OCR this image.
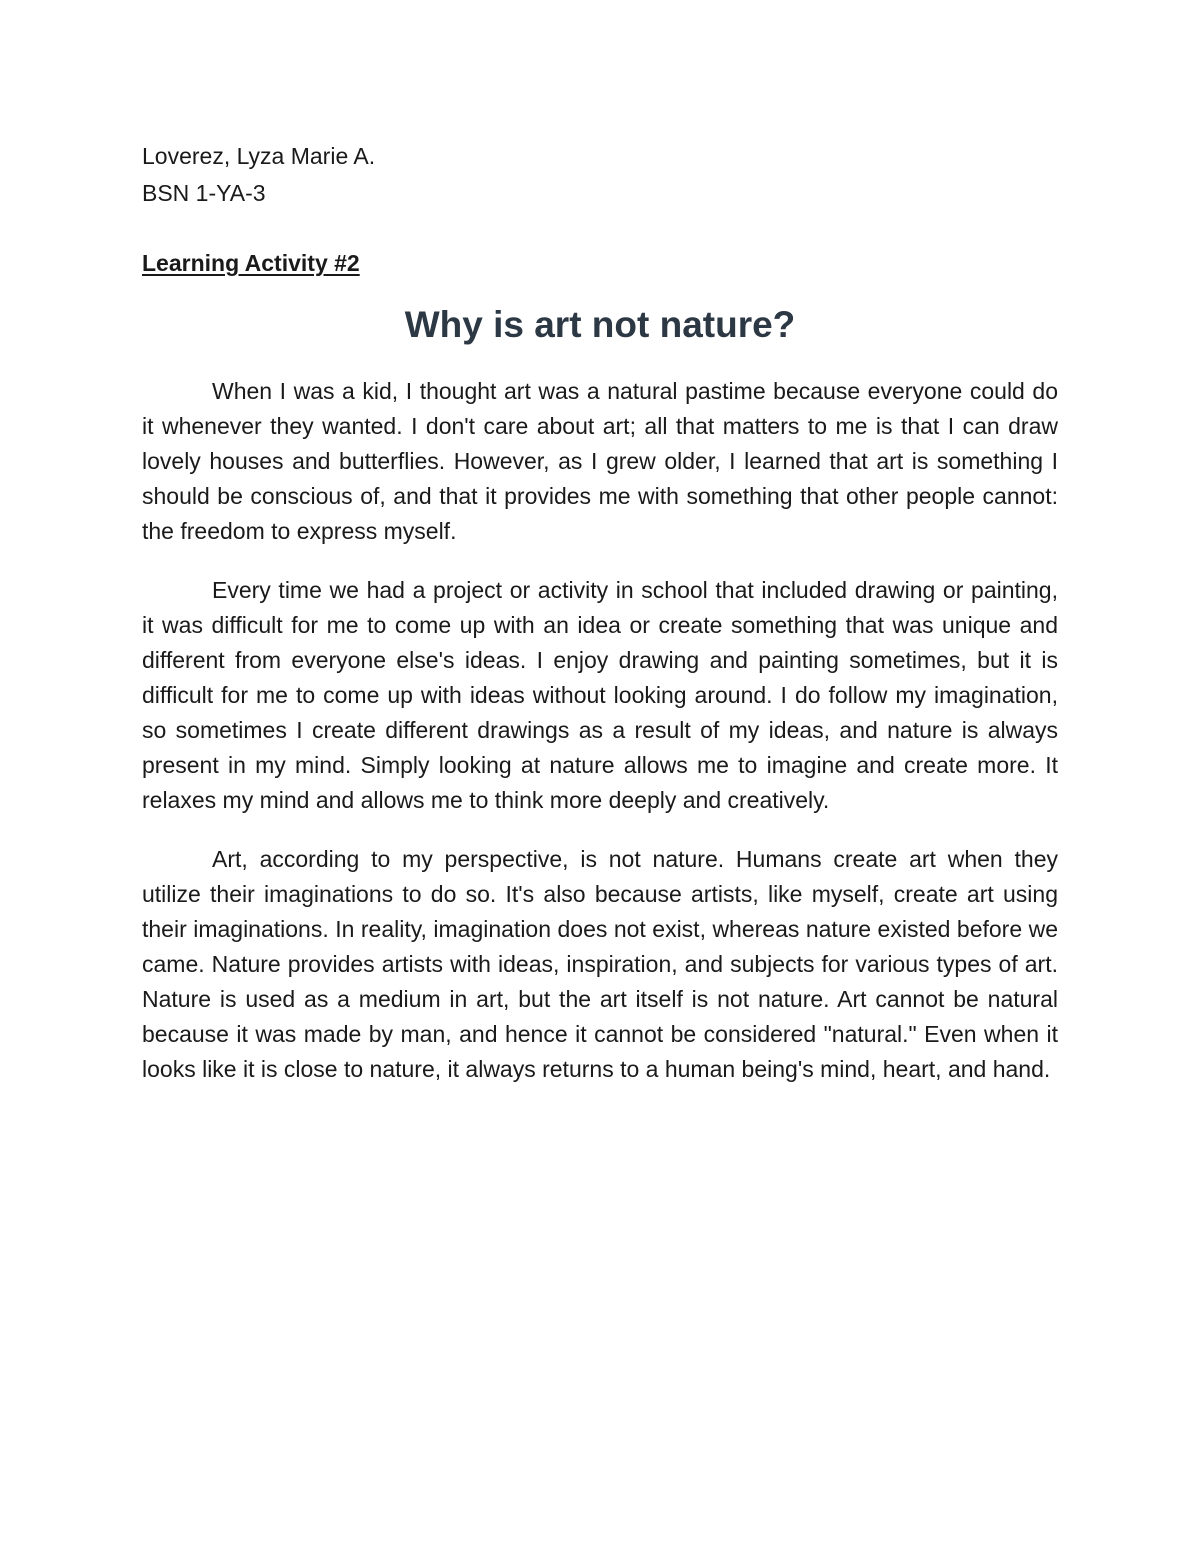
Loverez, Lyza Marie A.
BSN 1-YA-3
Learning Activity #2
Why is art not nature?

When I was a kid, I thought art was a natural pastime because everyone could do it whenever they wanted. I don't care about art; all that matters to me is that I can draw lovely houses and butterflies. However, as I grew older, I learned that art is something I should be conscious of, and that it provides me with something that other people cannot: the freedom to express myself.

Every time we had a project or activity in school that included drawing or painting, it was difficult for me to come up with an idea or create something that was unique and different from everyone else's ideas. I enjoy drawing and painting sometimes, but it is difficult for me to come up with ideas without looking around. I do follow my imagination, so sometimes I create different drawings as a result of my ideas, and nature is always present in my mind. Simply looking at nature allows me to imagine and create more. It relaxes my mind and allows me to think more deeply and creatively.

Art, according to my perspective, is not nature. Humans create art when they utilize their imaginations to do so. It's also because artists, like myself, create art using their imaginations. In reality, imagination does not exist, whereas nature existed before we came. Nature provides artists with ideas, inspiration, and subjects for various types of art. Nature is used as a medium in art, but the art itself is not nature. Art cannot be natural because it was made by man, and hence it cannot be considered "natural." Even when it looks like it is close to nature, it always returns to a human being's mind, heart, and hand.
